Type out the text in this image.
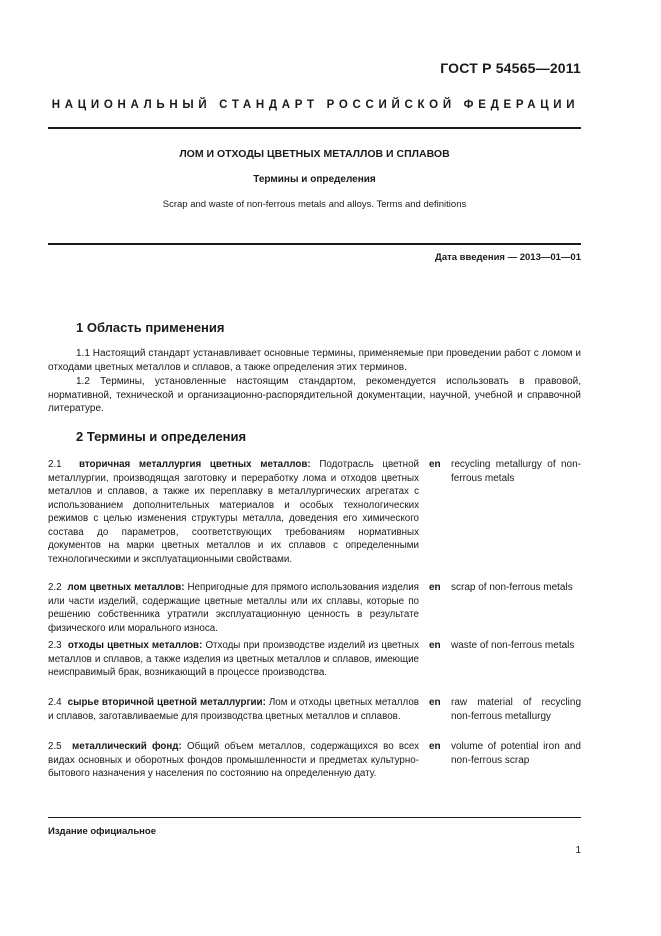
ГОСТ Р 54565—2011
НАЦИОНАЛЬНЫЙ СТАНДАРТ РОССИЙСКОЙ ФЕДЕРАЦИИ
ЛОМ И ОТХОДЫ ЦВЕТНЫХ МЕТАЛЛОВ И СПЛАВОВ
Термины и определения
Scrap and waste of non-ferrous metals and alloys. Terms and definitions
Дата введения — 2013—01—01
1 Область применения
1.1 Настоящий стандарт устанавливает основные термины, применяемые при проведении работ с ломом и отходами цветных металлов и сплавов, а также определения этих терминов.
1.2 Термины, установленные настоящим стандартом, рекомендуется использовать в правовой, нормативной, технической и организационно-распорядительной документации, научной, учебной и справочной литературе.
2 Термины и определения
2.1 вторичная металлургия цветных металлов: Подотрасль цветной металлургии, производящая заготовку и переработку лома и отходов цветных металлов и сплавов, а также их переплавку в металлургических агрегатах с использованием дополнительных материалов и особых технологических режимов с целью изменения структуры металла, доведения его химического состава до параметров, соответствующих требованиям нормативных документов на марки цветных металлов и их сплавов с определенными технологическими и эксплуатационными свойствами.
en recycling metallurgy of non-ferrous metals
2.2 лом цветных металлов: Непригодные для прямого использования изделия или части изделий, содержащие цветные металлы или их сплавы, которые по решению собственника утратили эксплуатационную ценность в результате физического или морального износа.
en scrap of non-ferrous metals
2.3 отходы цветных металлов: Отходы при производстве изделий из цветных металлов и сплавов, а также изделия из цветных металлов и сплавов, имеющие неисправимый брак, возникающий в процессе производства.
en waste of non-ferrous metals
2.4 сырье вторичной цветной металлургии: Лом и отходы цветных металлов и сплавов, заготавливаемые для производства цветных металлов и сплавов.
en raw material of recycling non-ferrous metallurgy
2.5 металлический фонд: Общий объем металлов, содержащихся во всех видах основных и оборотных фондов промышленности и предметах культурно-бытового назначения у населения по состоянию на определенную дату.
en volume of potential iron and non-ferrous scrap
Издание официальное
1
